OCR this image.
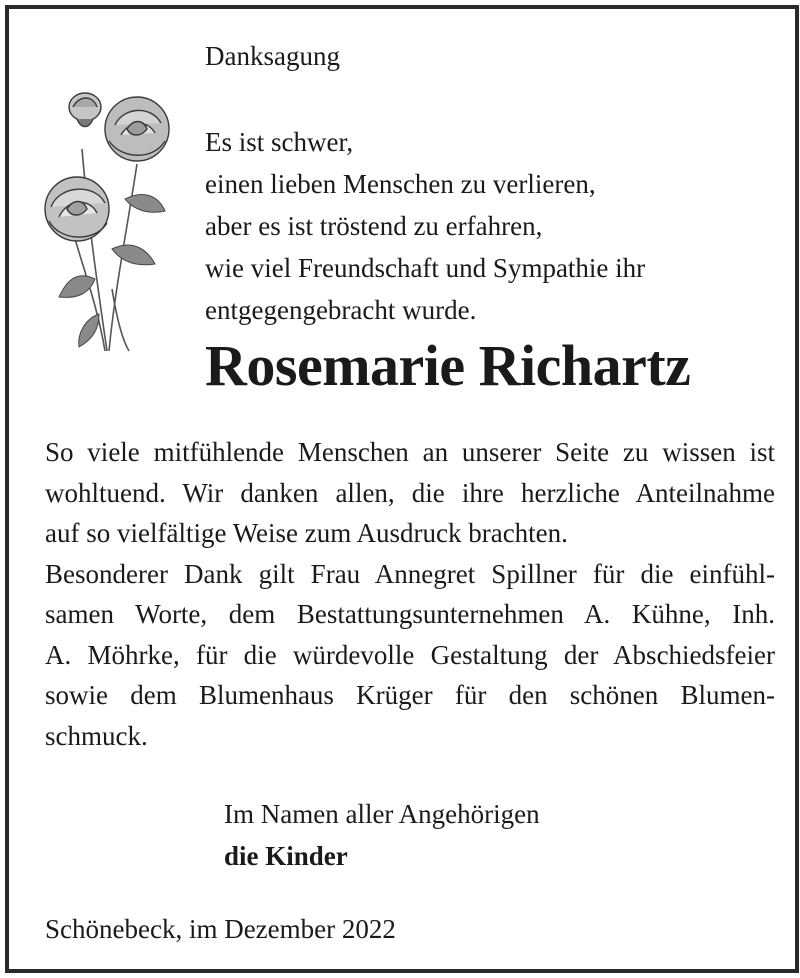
Danksagung
Es ist schwer,
einen lieben Menschen zu verlieren,
aber es ist tröstend zu erfahren,
wie viel Freundschaft und Sympathie ihr
entgegengebracht wurde.
Rosemarie Richartz
So viele mitfühlende Menschen an unserer Seite zu wissen ist
wohltuend. Wir danken allen, die ihre herzliche Anteilnahme
auf so vielfältige Weise zum Ausdruck brachten.
Besonderer Dank gilt Frau Annegret Spillner für die einfühl-
samen Worte, dem Bestattungsunternehmen A. Kühne, Inh.
A. Möhrke, für die würdevolle Gestaltung der Abschiedsfeier
sowie dem Blumenhaus Krüger für den schönen Blumen-
schmuck.
Im Namen aller Angehörigen
die Kinder
Schönebeck, im Dezember 2022
